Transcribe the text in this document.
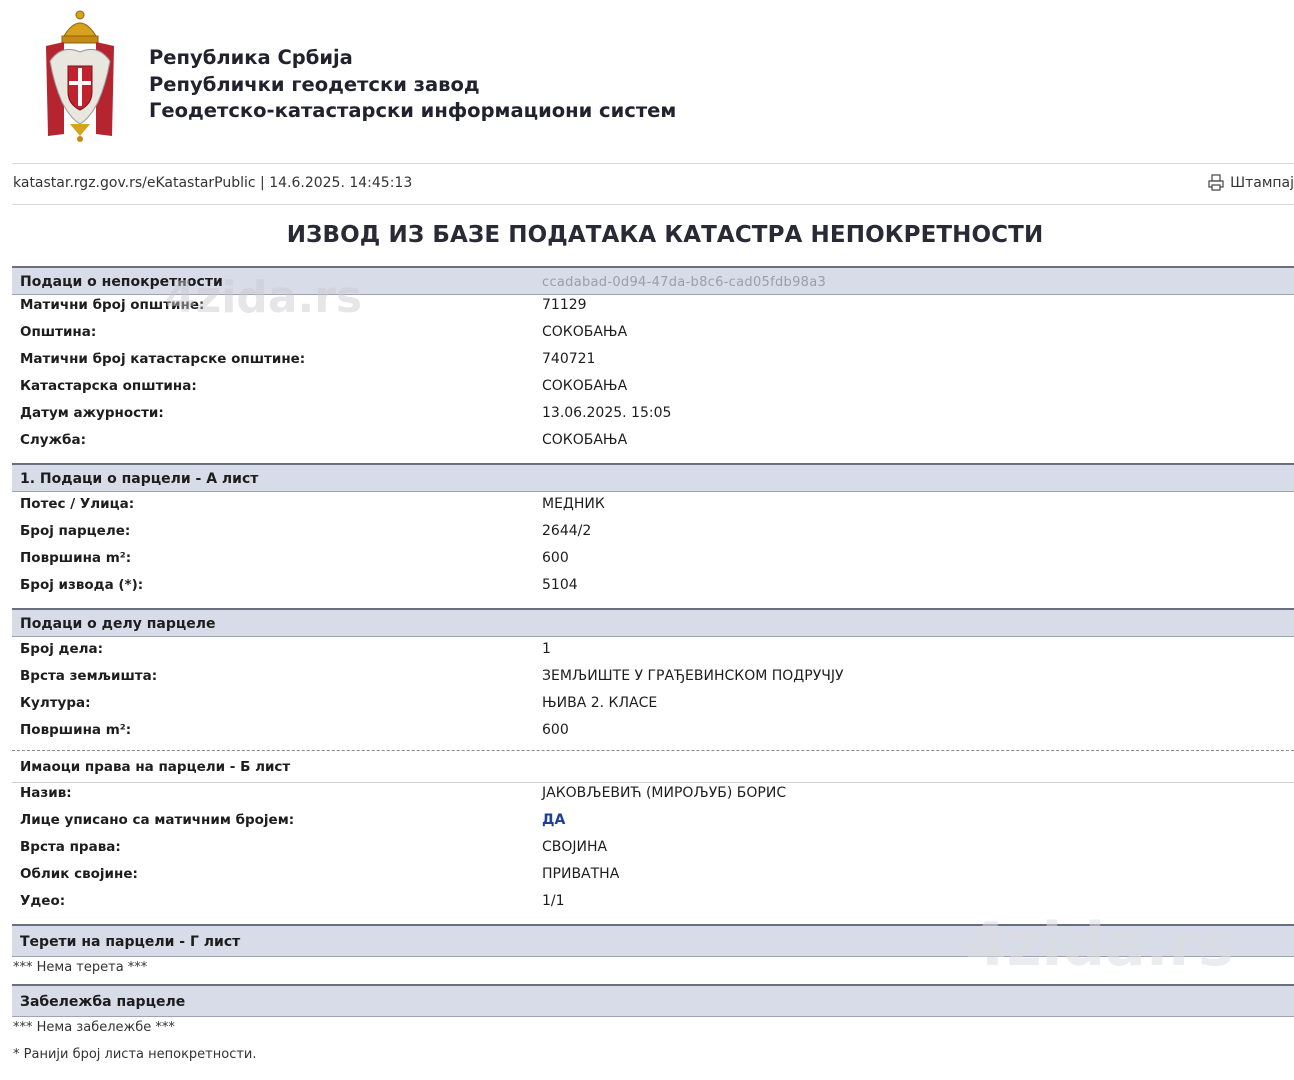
Република Србија
Републички геодетски завод
Геодетско-катастарски информациони систем
katastar.rgz.gov.rs/eKatastarPublic | 14.6.2025. 14:45:13	Штампај
ИЗВОД ИЗ БАЗЕ ПОДАТАКА КАТАСТРА НЕПОКРЕТНОСТИ
Подаци о непокретности	ccadabad-0d94-47da-b8c6-cad05fdb98a3
Матични број општине:	71129
Општина:	СОКОБАЊА
Матични број катастарске општине:	740721
Катастарска општина:	СОКОБАЊА
Датум ажурности:	13.06.2025. 15:05
Служба:	СОКОБАЊА
1. Подаци о парцели - А лист
Потес / Улица:	МЕДНИК
Број парцеле:	2644/2
Површина m²:	600
Број извода (*):	5104
Подаци о делу парцеле
Број дела:	1
Врста земљишта:	ЗЕМЉИШТЕ У ГРАЂЕВИНСКОМ ПОДРУЧЈУ
Култура:	ЊИВА 2. КЛАСЕ
Површина m²:	600
Имаоци права на парцели - Б лист
Назив:	ЈАКОВЉЕВИЋ (МИРОЉУБ) БОРИС
Лице уписано са матичним бројем:	ДА
Врста права:	СВОЈИНА
Облик својине:	ПРИВАТНА
Удео:	1/1
Терети на парцели - Г лист
*** Нема терета ***
Забележба парцеле
*** Нема забележбе ***
* Ранији број листа непокретности.
4zida.rs
4zida.rs
